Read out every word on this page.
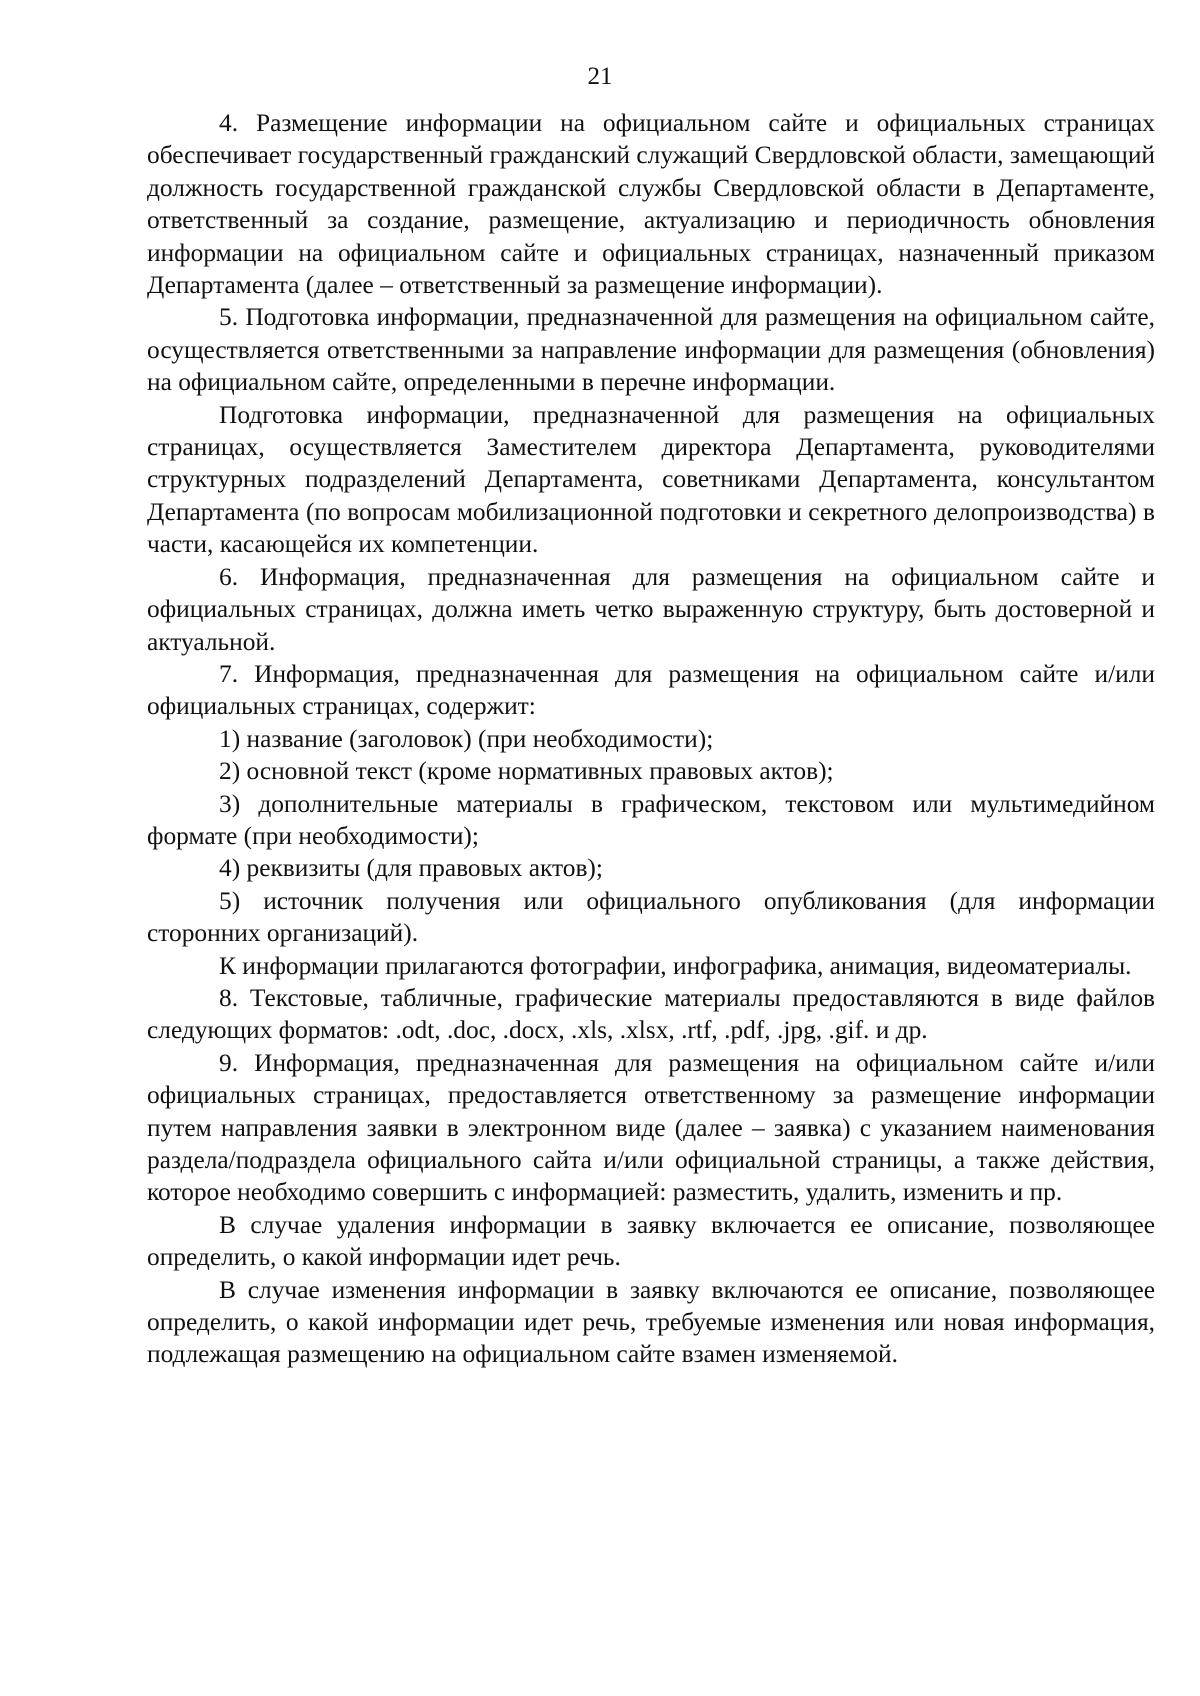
21

4. Размещение информации на официальном сайте и официальных страницах обеспечивает государственный гражданский служащий Свердловской области, замещающий должность государственной гражданской службы Свердловской области в Департаменте, ответственный за создание, размещение, актуализацию и периодичность обновления информации на официальном сайте и официальных страницах, назначенный приказом Департамента (далее – ответственный за размещение информации).

5. Подготовка информации, предназначенной для размещения на официальном сайте, осуществляется ответственными за направление информации для размещения (обновления) на официальном сайте, определенными в перечне информации.

Подготовка информации, предназначенной для размещения на официальных страницах, осуществляется Заместителем директора Департамента, руководителями структурных подразделений Департамента, советниками Департамента, консультантом Департамента (по вопросам мобилизационной подготовки и секретного делопроизводства) в части, касающейся их компетенции.

6. Информация, предназначенная для размещения на официальном сайте и официальных страницах, должна иметь четко выраженную структуру, быть достоверной и актуальной.

7. Информация, предназначенная для размещения на официальном сайте и/или официальных страницах, содержит:

1) название (заголовок) (при необходимости);

2) основной текст (кроме нормативных правовых актов);

3) дополнительные материалы в графическом, текстовом или мультимедийном формате (при необходимости);

4) реквизиты (для правовых актов);

5) источник получения или официального опубликования (для информации сторонних организаций).

К информации прилагаются фотографии, инфографика, анимация, видеоматериалы.

8. Текстовые, табличные, графические материалы предоставляются в виде файлов следующих форматов: .odt, .doc, .docx, .xls, .xlsx, .rtf, .pdf, .jpg, .gif. и др.

9. Информация, предназначенная для размещения на официальном сайте и/или официальных страницах, предоставляется ответственному за размещение информации путем направления заявки в электронном виде (далее – заявка) с указанием наименования раздела/подраздела официального сайта и/или официальной страницы, а также действия, которое необходимо совершить с информацией: разместить, удалить, изменить и пр.

В случае удаления информации в заявку включается ее описание, позволяющее определить, о какой информации идет речь.

В случае изменения информации в заявку включаются ее описание, позволяющее определить, о какой информации идет речь, требуемые изменения или новая информация, подлежащая размещению на официальном сайте взамен изменяемой.
